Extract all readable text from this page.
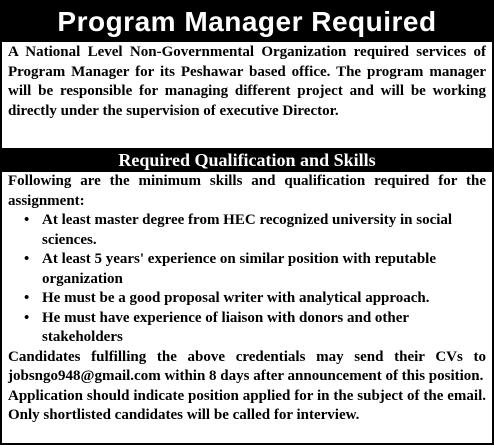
Program Manager Required

A National Level Non-Governmental Organization required services of Program Manager for its Peshawar based office. The program manager will be responsible for managing different project and will be working directly under the supervision of executive Director.

Required Qualification and Skills

Following are the minimum skills and qualification required for the assignment:

• At least master degree from HEC recognized university in social sciences.
• At least 5 years' experience on similar position with reputable organization
• He must be a good proposal writer with analytical approach.
• He must have experience of liaison with donors and other stakeholders

Candidates fulfilling the above credentials may send their CVs to jobsngo948@gmail.com within 8 days after announcement of this position.

Application should indicate position applied for in the subject of the email. Only shortlisted candidates will be called for interview.
